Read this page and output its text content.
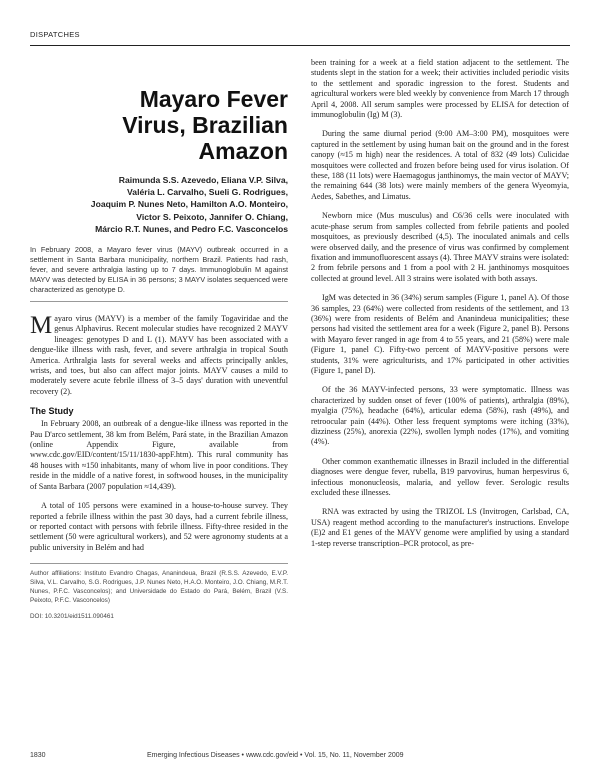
DISPATCHES
Mayaro Fever
Virus, Brazilian
Amazon
Raimunda S.S. Azevedo, Eliana V.P. Silva,
Valéria L. Carvalho, Sueli G. Rodrigues,
Joaquim P. Nunes Neto, Hamilton A.O. Monteiro,
Victor S. Peixoto, Jannifer O. Chiang,
Márcio R.T. Nunes, and Pedro F.C. Vasconcelos

In February 2008, a Mayaro fever virus (MAYV) outbreak occurred in a settlement in Santa Barbara municipality, northern Brazil. Patients had rash, fever, and severe arthralgia lasting up to 7 days. Immunoglobulin M against MAYV was detected by ELISA in 36 persons; 3 MAYV isolates sequenced were characterized as genotype D.

Mayaro virus (MAYV) is a member of the family Togaviridae and the genus Alphavirus. Recent molecular studies have recognized 2 MAYV lineages: genotypes D and L (1). MAYV has been associated with a dengue-like illness with rash, fever, and severe arthralgia in tropical South America. Arthralgia lasts for several weeks and affects principally ankles, wrists, and toes, but also can affect major joints. MAYV causes a mild to moderately severe acute febrile illness of 3–5 days' duration with uneventful recovery (2).

The Study

In February 2008, an outbreak of a dengue-like illness was reported in the Pau D'arco settlement, 38 km from Belém, Pará state, in the Brazilian Amazon (online Appendix Figure, available from www.cdc.gov/EID/content/15/11/1830-appF.htm). This rural community has 48 houses with ≈150 inhabitants, many of whom live in poor conditions. They reside in the middle of a native forest, in softwood houses, in the municipality of Santa Barbara (2007 population ≈14,439).

A total of 105 persons were examined in a house-to-house survey. They reported a febrile illness within the past 30 days, had a current febrile illness, or reported contact with persons with febrile illness. Fifty-three resided in the settlement (50 were agricultural workers), and 52 were agronomy students at a public university in Belém and had

Author affiliations: Instituto Evandro Chagas, Ananindeua, Brazil (R.S.S. Azevedo, E.V.P. Silva, V.L. Carvalho, S.G. Rodrigues, J.P. Nunes Neto, H.A.O. Monteiro, J.O. Chiang, M.R.T. Nunes, P.F.C. Vasconcelos); and Universidade do Estado do Pará, Belém, Brazil (V.S. Peixoto, P.F.C. Vasconcelos)

DOI: 10.3201/eid1511.090461

been training for a week at a field station adjacent to the settlement. The students slept in the station for a week; their activities included periodic visits to the settlement and sporadic ingression to the forest. Students and agricultural workers were bled weekly by convenience from March 17 through April 4, 2008. All serum samples were processed by ELISA for detection of immunoglobulin (Ig) M (3).

During the same diurnal period (9:00 AM–3:00 PM), mosquitoes were captured in the settlement by using human bait on the ground and in the forest canopy (≈15 m high) near the residences. A total of 832 (49 lots) Culicidae mosquitoes were collected and frozen before being used for virus isolation. Of these, 188 (11 lots) were Haemagogus janthinomys, the main vector of MAYV; the remaining 644 (38 lots) were mainly members of the genera Wyeomyia, Aedes, Sabethes, and Limatus.

Newborn mice (Mus musculus) and C6/36 cells were inoculated with acute-phase serum from samples collected from febrile patients and pooled mosquitoes, as previously described (4,5). The inoculated animals and cells were observed daily, and the presence of virus was confirmed by complement fixation and immunofluorescent assays (4). Three MAYV strains were isolated: 2 from febrile persons and 1 from a pool with 2 H. janthinomys mosquitoes collected at ground level. All 3 strains were isolated with both assays.

IgM was detected in 36 (34%) serum samples (Figure 1, panel A). Of those 36 samples, 23 (64%) were collected from residents of the settlement, and 13 (36%) were from residents of Belém and Ananindeua municipalities; these persons had visited the settlement area for a week (Figure 2, panel B). Persons with Mayaro fever ranged in age from 4 to 55 years, and 21 (58%) were male (Figure 1, panel C). Fifty-two percent of MAYV-positive persons were students, 31% were agriculturists, and 17% participated in other activities (Figure 1, panel D).

Of the 36 MAYV-infected persons, 33 were symptomatic. Illness was characterized by sudden onset of fever (100% of patients), arthralgia (89%), myalgia (75%), headache (64%), articular edema (58%), rash (49%), and retroocular pain (44%). Other less frequent symptoms were itching (33%), dizziness (25%), anorexia (22%), swollen lymph nodes (17%), and vomiting (4%).

Other common exanthematic illnesses in Brazil included in the differential diagnoses were dengue fever, rubella, B19 parvovirus, human herpesvirus 6, infectious mononucleosis, malaria, and yellow fever. Serologic results excluded these illnesses.

RNA was extracted by using the TRIZOL LS (Invitrogen, Carlsbad, CA, USA) reagent method according to the manufacturer's instructions. Envelope (E)2 and E1 genes of the MAYV genome were amplified by using a standard 1-step reverse transcription–PCR protocol, as pre-

1830	Emerging Infectious Diseases • www.cdc.gov/eid • Vol. 15, No. 11, November 2009
